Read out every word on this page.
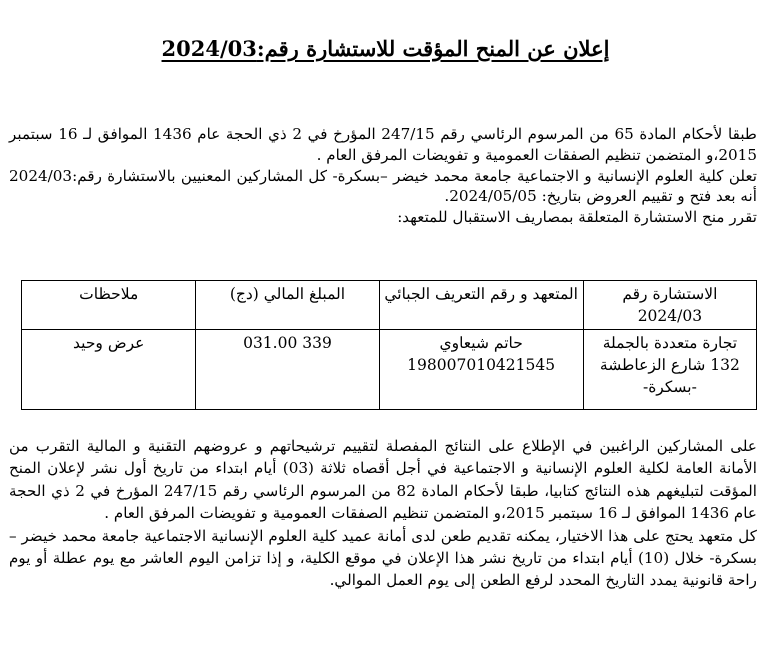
إعلان عن المنح المؤقت للاستشارة رقم:2024/03

طبقا لأحكام المادة 65 من المرسوم الرئاسي رقم 247/15 المؤرخ في 2 ذي الحجة عام 1436 الموافق لـ 16 سبتمبر 2015،و المتضمن تنظيم الصفقات العمومية و تفويضات المرفق العام .

تعلن كلية العلوم الإنسانية و الاجتماعية جامعة محمد خيضر –بسكرة- كل المشاركين المعنيين بالاستشارة رقم:2024/03 أنه بعد فتح و تقييم العروض بتاريخ: 2024/05/05.

تقرر منح الاستشارة المتعلقة بمصاريف الاستقبال للمتعهد:

الاستشارة رقم 2024/03	المتعهد و رقم التعريف الجبائي	المبلغ المالي (دج)	ملاحظات

تجارة متعددة بالجملة
132 شارع الزعاطشة
-بسكرة-	حاتم شيعاوي
198007010421545	339 031.00	عرض وحيد

على المشاركين الراغبين في الإطلاع على النتائج المفصلة لتقييم ترشيحاتهم و عروضهم التقنية و المالية التقرب من الأمانة العامة لكلية العلوم الإنسانية و الاجتماعية في أجل أقصاه ثلاثة (03) أيام ابتداء من تاريخ أول نشر لإعلان المنح المؤقت لتبليغهم هذه النتائج كتابيا، طبقا لأحكام المادة 82 من المرسوم الرئاسي رقم 247/15 المؤرخ في 2 ذي الحجة عام 1436 الموافق لـ 16 سبتمبر 2015،و المتضمن تنظيم الصفقات العمومية و تفويضات المرفق العام .

كل متعهد يحتج على هذا الاختيار، يمكنه تقديم طعن لدى أمانة عميد كلية العلوم الإنسانية الاجتماعية جامعة محمد خيضر –بسكرة- خلال (10) أيام ابتداء من تاريخ نشر هذا الإعلان في موقع الكلية، و إذا تزامن اليوم العاشر مع يوم عطلة أو يوم راحة قانونية يمدد التاريخ المحدد لرفع الطعن إلى يوم العمل الموالي.
